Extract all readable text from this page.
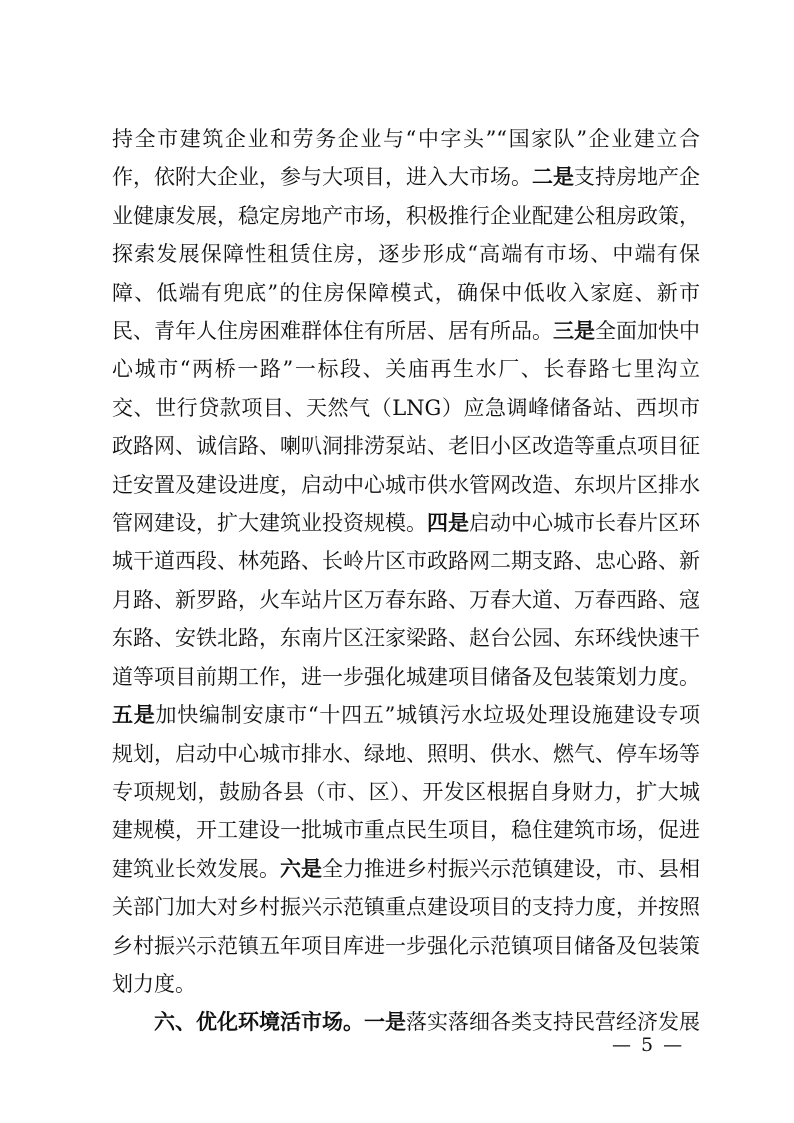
持全市建筑企业和劳务企业与“中字头”“国家队”企业建立合作，依附大企业，参与大项目，进入大市场。二是支持房地产企业健康发展，稳定房地产市场，积极推行企业配建公租房政策，探索发展保障性租赁住房，逐步形成“高端有市场、中端有保障、低端有兜底”的住房保障模式，确保中低收入家庭、新市民、青年人住房困难群体住有所居、居有所品。三是全面加快中心城市“两桥一路”一标段、关庙再生水厂、长春路七里沟立交、世行贷款项目、天然气（LNG）应急调峰储备站、西坝市政路网、诚信路、喇叭洞排涝泵站、老旧小区改造等重点项目征迁安置及建设进度，启动中心城市供水管网改造、东坝片区排水管网建设，扩大建筑业投资规模。四是启动中心城市长春片区环城干道西段、林苑路、长岭片区市政路网二期支路、忠心路、新月路、新罗路，火车站片区万春东路、万春大道、万春西路、寇东路、安铁北路，东南片区汪家梁路、赵台公园、东环线快速干道等项目前期工作，进一步强化城建项目储备及包装策划力度。五是加快编制安康市“十四五”城镇污水垃圾处理设施建设专项规划，启动中心城市排水、绿地、照明、供水、燃气、停车场等专项规划，鼓励各县（市、区）、开发区根据自身财力，扩大城建规模，开工建设一批城市重点民生项目，稳住建筑市场，促进建筑业长效发展。六是全力推进乡村振兴示范镇建设，市、县相关部门加大对乡村振兴示范镇重点建设项目的支持力度，并按照乡村振兴示范镇五年项目库进一步强化示范镇项目储备及包装策划力度。

六、优化环境活市场。一是落实落细各类支持民营经济发展

— 5 —
